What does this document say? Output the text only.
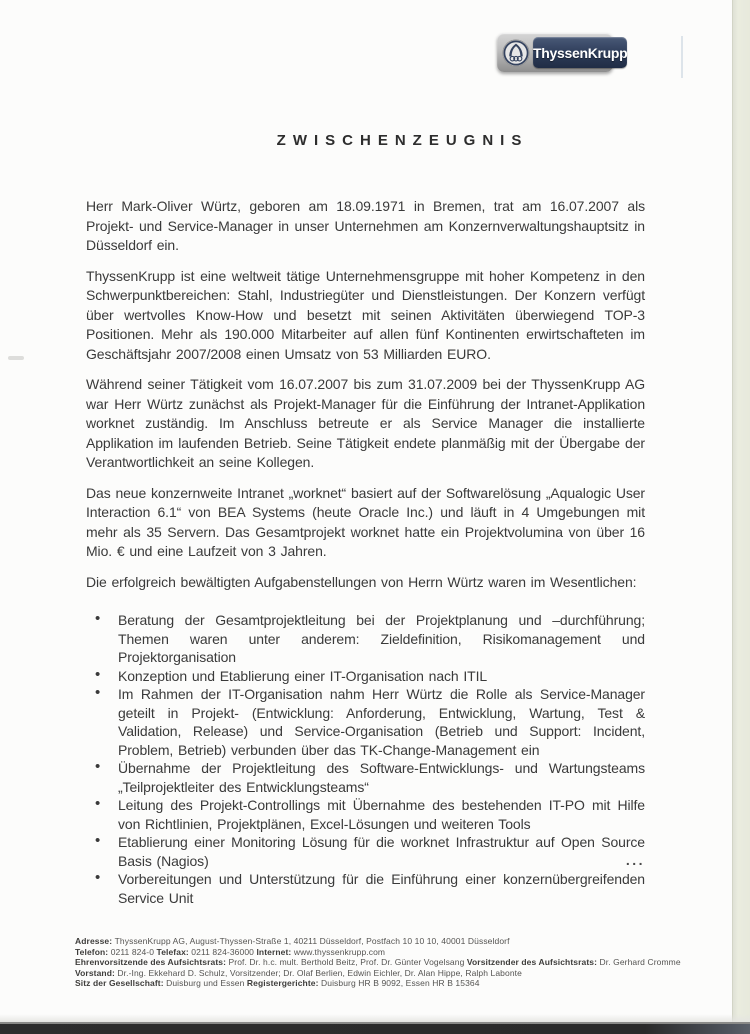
ThyssenKrupp
ZWISCHENZEUGNIS

Herr Mark-Oliver Würtz, geboren am 18.09.1971 in Bremen, trat am 16.07.2007 als Projekt- und Service-Manager in unser Unternehmen am Konzernverwaltungshauptsitz in Düsseldorf ein.

ThyssenKrupp ist eine weltweit tätige Unternehmensgruppe mit hoher Kompetenz in den Schwerpunktbereichen: Stahl, Industriegüter und Dienstleistungen. Der Konzern verfügt über wertvolles Know-How und besetzt mit seinen Aktivitäten überwiegend TOP-3 Positionen. Mehr als 190.000 Mitarbeiter auf allen fünf Kontinenten erwirtschafteten im Geschäftsjahr 2007/2008 einen Umsatz von 53 Milliarden EURO.

Während seiner Tätigkeit vom 16.07.2007 bis zum 31.07.2009 bei der ThyssenKrupp AG war Herr Würtz zunächst als Projekt-Manager für die Einführung der Intranet-Applikation worknet zuständig. Im Anschluss betreute er als Service Manager die installierte Applikation im laufenden Betrieb. Seine Tätigkeit endete planmäßig mit der Übergabe der Verantwortlichkeit an seine Kollegen.

Das neue konzernweite Intranet „worknet“ basiert auf der Softwarelösung „Aqualogic User Interaction 6.1“ von BEA Systems (heute Oracle Inc.) und läuft in 4 Umgebungen mit mehr als 35 Servern. Das Gesamtprojekt worknet hatte ein Projektvolumina von über 16 Mio. € und eine Laufzeit von 3 Jahren.

Die erfolgreich bewältigten Aufgabenstellungen von Herrn Würtz waren im Wesentlichen:

• Beratung der Gesamtprojektleitung bei der Projektplanung und –durchführung; Themen waren unter anderem: Zieldefinition, Risikomanagement und Projektorganisation
• Konzeption und Etablierung einer IT-Organisation nach ITIL
• Im Rahmen der IT-Organisation nahm Herr Würtz die Rolle als Service-Manager geteilt in Projekt- (Entwicklung: Anforderung, Entwicklung, Wartung, Test & Validation, Release) und Service-Organisation (Betrieb und Support: Incident, Problem, Betrieb) verbunden über das TK-Change-Management ein
• Übernahme der Projektleitung des Software-Entwicklungs- und Wartungsteams „Teilprojektleiter des Entwicklungsteams“
• Leitung des Projekt-Controllings mit Übernahme des bestehenden IT-PO mit Hilfe von Richtlinien, Projektplänen, Excel-Lösungen und weiteren Tools
• Etablierung einer Monitoring Lösung für die worknet Infrastruktur auf Open Source Basis (Nagios)
• Vorbereitungen und Unterstützung für die Einführung einer konzernübergreifenden Service Unit
...
Adresse: ThyssenKrupp AG, August-Thyssen-Straße 1, 40211 Düsseldorf, Postfach 10 10 10, 40001 Düsseldorf
Telefon: 0211 824-0 Telefax: 0211 824-36000 Internet: www.thyssenkrupp.com
Ehrenvorsitzende des Aufsichtsrats: Prof. Dr. h.c. mult. Berthold Beitz, Prof. Dr. Günter Vogelsang Vorsitzender des Aufsichtsrats: Dr. Gerhard Cromme
Vorstand: Dr.-Ing. Ekkehard D. Schulz, Vorsitzender; Dr. Olaf Berlien, Edwin Eichler, Dr. Alan Hippe, Ralph Labonte
Sitz der Gesellschaft: Duisburg und Essen Registergerichte: Duisburg HR B 9092, Essen HR B 15364
